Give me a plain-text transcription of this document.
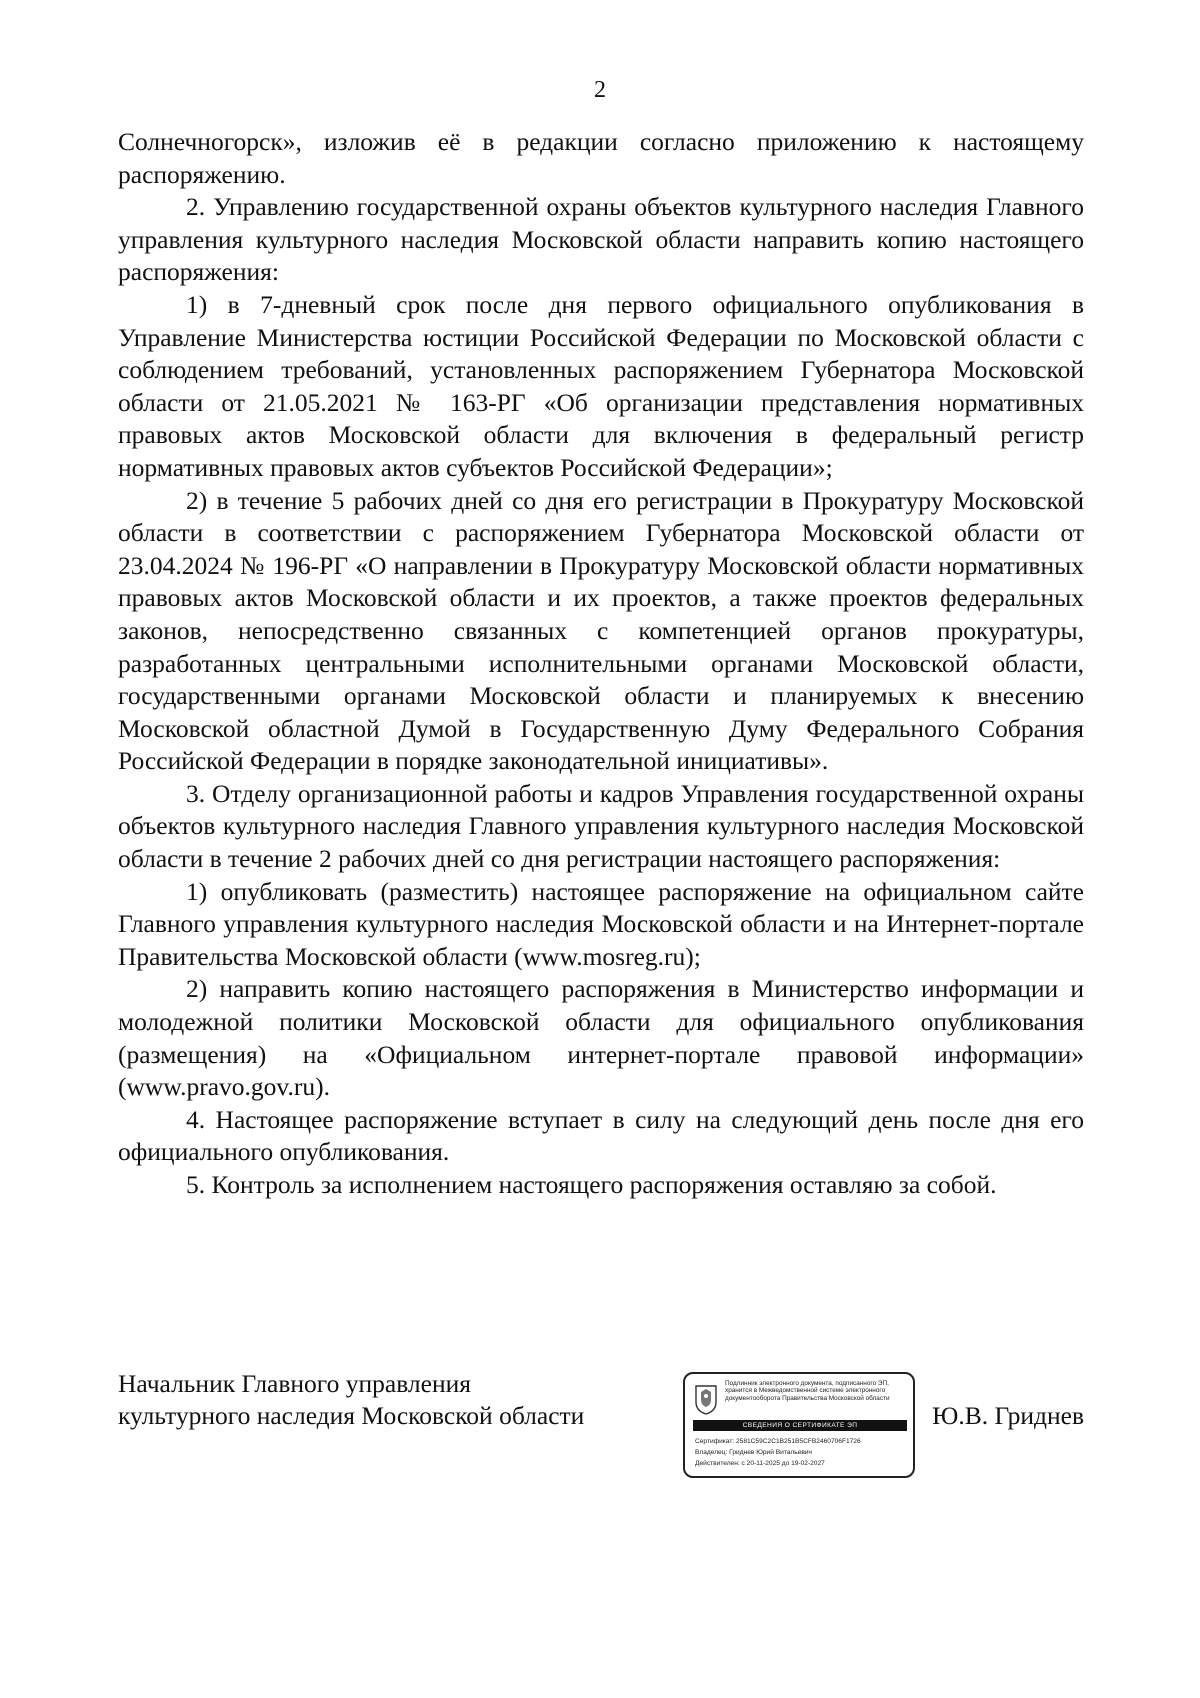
2

Солнечногорск», изложив её в редакции согласно приложению к настоящему распоряжению.

2. Управлению государственной охраны объектов культурного наследия Главного управления культурного наследия Московской области направить копию настоящего распоряжения:

1) в 7-дневный срок после дня первого официального опубликования в Управление Министерства юстиции Российской Федерации по Московской области с соблюдением требований, установленных распоряжением Губернатора Московской области от 21.05.2021 № 163-РГ «Об организации представления нормативных правовых актов Московской области для включения в федеральный регистр нормативных правовых актов субъектов Российской Федерации»;

2) в течение 5 рабочих дней со дня его регистрации в Прокуратуру Московской области в соответствии с распоряжением Губернатора Московской области от 23.04.2024 № 196-РГ «О направлении в Прокуратуру Московской области нормативных правовых актов Московской области и их проектов, а также проектов федеральных законов, непосредственно связанных с компетенцией органов прокуратуры, разработанных центральными исполнительными органами Московской области, государственными органами Московской области и планируемых к внесению Московской областной Думой в Государственную Думу Федерального Собрания Российской Федерации в порядке законодательной инициативы».

3. Отделу организационной работы и кадров Управления государственной охраны объектов культурного наследия Главного управления культурного наследия Московской области в течение 2 рабочих дней со дня регистрации настоящего распоряжения:

1) опубликовать (разместить) настоящее распоряжение на официальном сайте Главного управления культурного наследия Московской области и на Интернет-портале Правительства Московской области (www.mosreg.ru);

2) направить копию настоящего распоряжения в Министерство информации и молодежной политики Московской области для официального опубликования (размещения) на «Официальном интернет-портале правовой информации» (www.pravo.gov.ru).

4. Настоящее распоряжение вступает в силу на следующий день после дня его официального опубликования.

5. Контроль за исполнением настоящего распоряжения оставляю за собой.

Начальник Главного управления
культурного наследия Московской области
Подлинник электронного документа, подписанного ЭП, хранится в Межведомственной системе электронного документооборота Правительства Московской области
СВЕДЕНИЯ О СЕРТИФИКАТЕ ЭП
Сертификат: 2581C59C2C1B251B5CFB2460706F1726
Владелец: Гриднев Юрий Витальевич
Действителен: с 20-11-2025 до 19-02-2027
Ю.В. Гриднев
